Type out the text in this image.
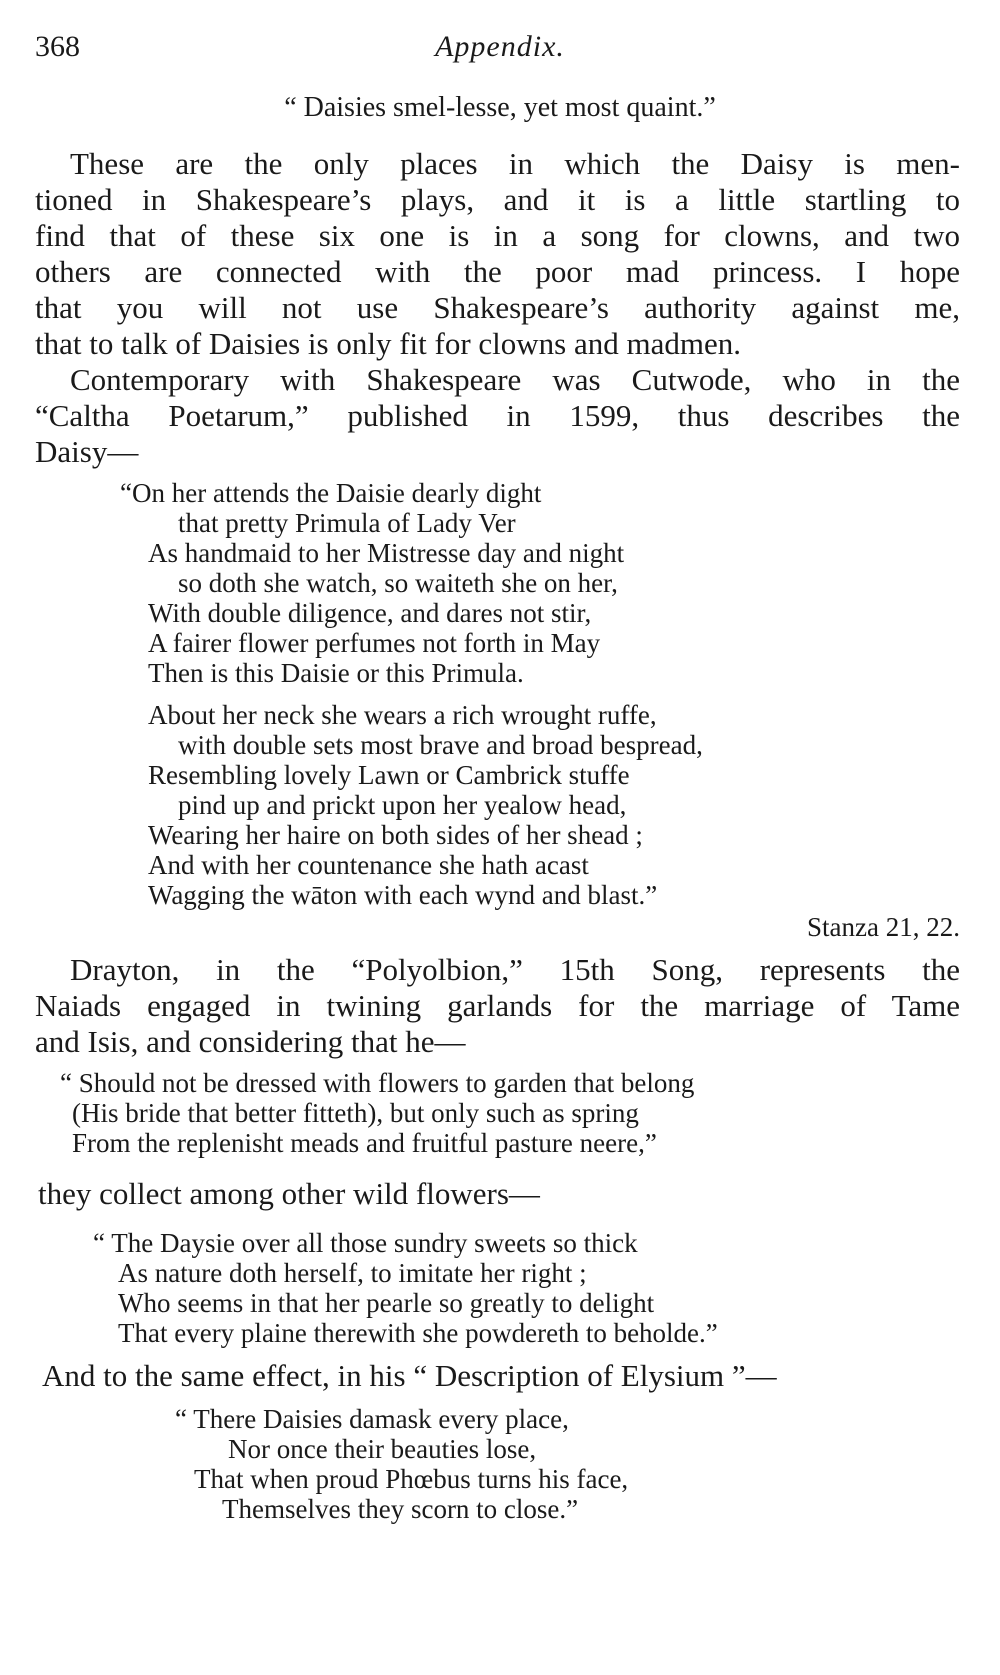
368	Appendix.
“ Daisies smel-lesse, yet most quaint.”
These are the only places in which the Daisy is men-
tioned in Shakespeare’s plays, and it is a little startling to
find that of these six one is in a song for clowns, and two
others are connected with the poor mad princess. I hope
that you will not use Shakespeare’s authority against me,
that to talk of Daisies is only fit for clowns and madmen.
Contemporary with Shakespeare was Cutwode, who in the
“Caltha Poetarum,” published in 1599, thus describes the
Daisy—
“On her attends the Daisie dearly dight
that pretty Primula of Lady Ver
As handmaid to her Mistresse day and night
so doth she watch, so waiteth she on her,
With double diligence, and dares not stir,
A fairer flower perfumes not forth in May
Then is this Daisie or this Primula.
About her neck she wears a rich wrought ruffe,
with double sets most brave and broad bespread,
Resembling lovely Lawn or Cambrick stuffe
pind up and prickt upon her yealow head,
Wearing her haire on both sides of her shead ;
And with her countenance she hath acast
Wagging the wāton with each wynd and blast.”
Stanza 21, 22.
Drayton, in the “Polyolbion,” 15th Song, represents the
Naiads engaged in twining garlands for the marriage of Tame
and Isis, and considering that he—
“ Should not be dressed with flowers to garden that belong
(His bride that better fitteth), but only such as spring
From the replenisht meads and fruitful pasture neere,”
they collect among other wild flowers—
“ The Daysie over all those sundry sweets so thick
As nature doth herself, to imitate her right ;
Who seems in that her pearle so greatly to delight
That every plaine therewith she powdereth to beholde.”
And to the same effect, in his “ Description of Elysium ”—
“ There Daisies damask every place,
Nor once their beauties lose,
That when proud Phœbus turns his face,
Themselves they scorn to close.”
